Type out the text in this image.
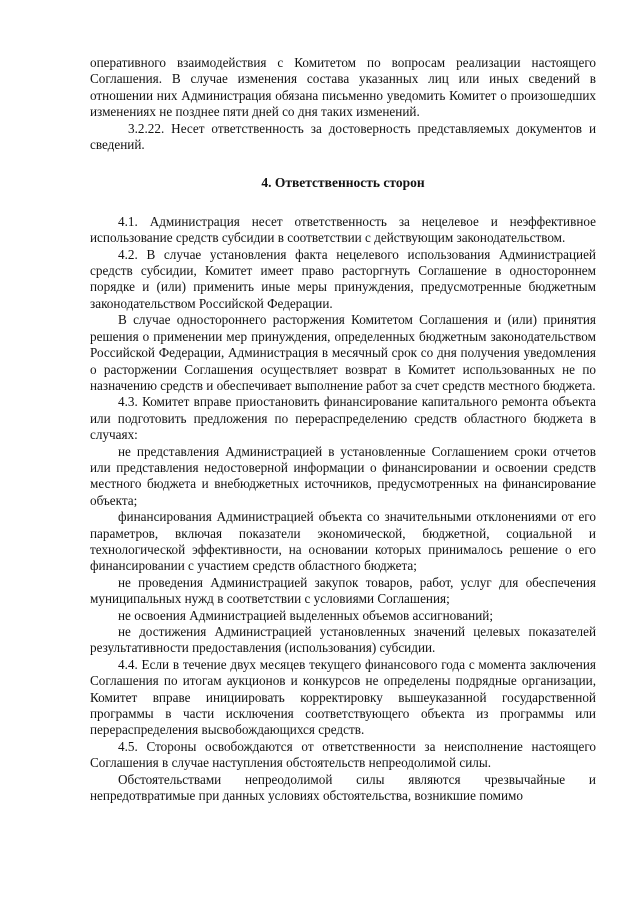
оперативного взаимодействия с Комитетом по вопросам реализации настоящего Соглашения. В случае изменения состава указанных лиц или иных сведений в отношении них Администрация обязана письменно уведомить Комитет о произошедших изменениях не позднее пяти дней со дня таких изменений.

3.2.22. Несет ответственность за достоверность представляемых документов и сведений.

4. Ответственность сторон

4.1. Администрация несет ответственность за нецелевое и неэффективное использование средств субсидии в соответствии с действующим законодательством.

4.2. В случае установления факта нецелевого использования Администрацией средств субсидии, Комитет имеет право расторгнуть Соглашение в одностороннем порядке и (или) применить иные меры принуждения, предусмотренные бюджетным законодательством Российской Федерации.

В случае одностороннего расторжения Комитетом Соглашения и (или) принятия решения о применении мер принуждения, определенных бюджетным законодательством Российской Федерации, Администрация в месячный срок со дня получения уведомления о расторжении Соглашения осуществляет возврат в Комитет использованных не по назначению средств и обеспечивает выполнение работ за счет средств местного бюджета.

4.3. Комитет вправе приостановить финансирование капитального ремонта объекта или подготовить предложения по перераспределению средств областного бюджета в случаях:

не представления Администрацией в установленные Соглашением сроки отчетов или представления недостоверной информации о финансировании и освоении средств местного бюджета и внебюджетных источников, предусмотренных на финансирование объекта;

финансирования Администрацией объекта со значительными отклонениями от его параметров, включая показатели экономической, бюджетной, социальной и технологической эффективности, на основании которых принималось решение о его финансировании с участием средств областного бюджета;

не проведения Администрацией закупок товаров, работ, услуг для обеспечения муниципальных нужд в соответствии с условиями Соглашения;

не освоения Администрацией выделенных объемов ассигнований;

не достижения Администрацией установленных значений целевых показателей результативности предоставления (использования) субсидии.

4.4. Если в течение двух месяцев текущего финансового года с момента заключения Соглашения по итогам аукционов и конкурсов не определены подрядные организации, Комитет вправе инициировать корректировку вышеуказанной государственной программы в части исключения соответствующего объекта из программы или перераспределения высвобождающихся средств.

4.5. Стороны освобождаются от ответственности за неисполнение настоящего Соглашения в случае наступления обстоятельств непреодолимой силы.

Обстоятельствами непреодолимой силы являются чрезвычайные и непредотвратимые при данных условиях обстоятельства, возникшие помимо
